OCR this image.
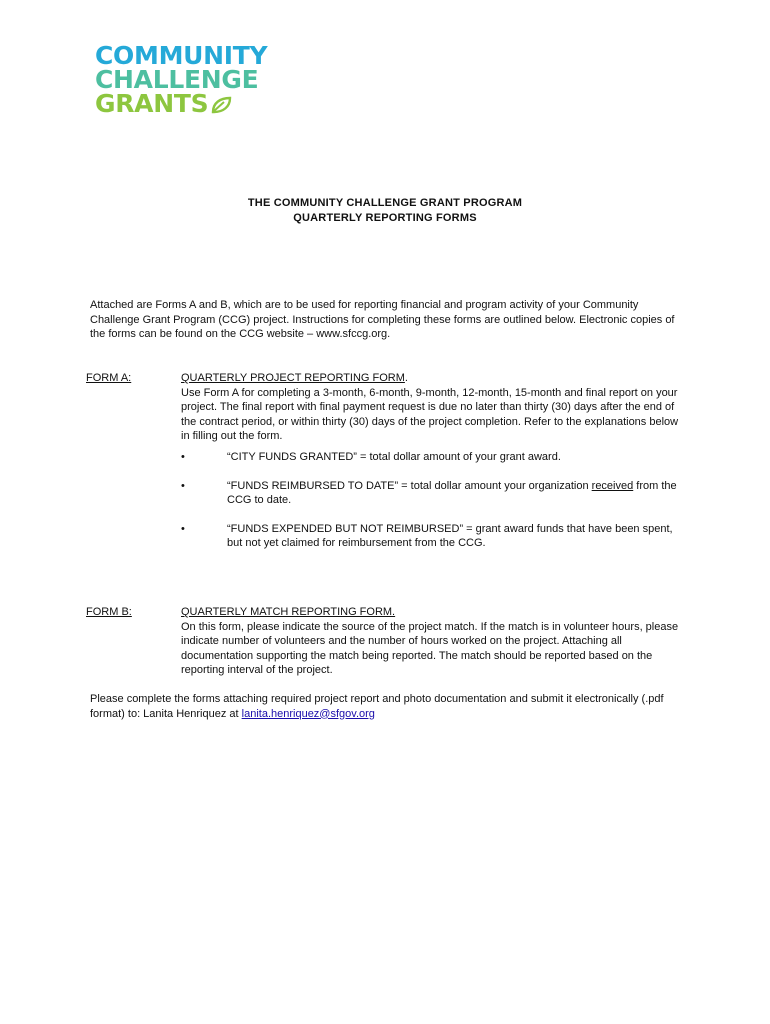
COMMUNITY
CHALLENGE
GRANTS
THE COMMUNITY CHALLENGE GRANT PROGRAM
QUARTERLY REPORTING FORMS
Attached are Forms A and B, which are to be used for reporting financial and program activity of your Community Challenge Grant Program (CCG) project. Instructions for completing these forms are outlined below. Electronic copies of the forms can be found on the CCG website – www.sfccg.org.
FORM A:	QUARTERLY PROJECT REPORTING FORM.
Use Form A for completing a 3-month, 6-month, 9-month, 12-month, 15-month and final report on your project. The final report with final payment request is due no later than thirty (30) days after the end of the contract period, or within thirty (30) days of the project completion. Refer to the explanations below in filling out the form.
•	“CITY FUNDS GRANTED” = total dollar amount of your grant award.
•	“FUNDS REIMBURSED TO DATE” = total dollar amount your organization received from the CCG to date.
•	“FUNDS EXPENDED BUT NOT REIMBURSED” = grant award funds that have been spent, but not yet claimed for reimbursement from the CCG.
FORM B:	QUARTERLY MATCH REPORTING FORM.
On this form, please indicate the source of the project match. If the match is in volunteer hours, please indicate number of volunteers and the number of hours worked on the project. Attaching all documentation supporting the match being reported. The match should be reported based on the reporting interval of the project.
Please complete the forms attaching required project report and photo documentation and submit it electronically (.pdf format) to: Lanita Henriquez at lanita.henriquez@sfgov.org
